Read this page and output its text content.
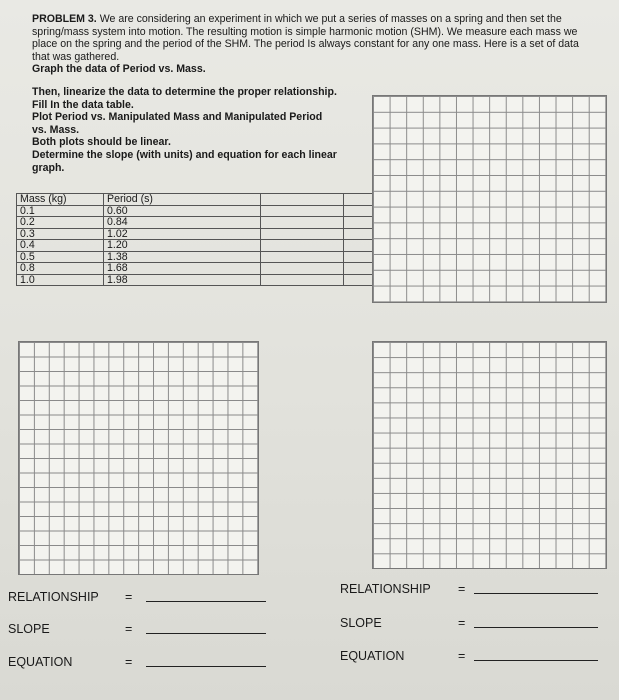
PROBLEM 3. We are considering an experiment in which we put a series of masses on a spring and then set the spring/mass system into motion. The resulting motion is simple harmonic motion (SHM). We measure each mass we place on the spring and the period of the SHM. The period Is always constant for any one mass. Here is a set of data that was gathered.

Graph the data of Period vs. Mass.

Then, linearize the data to determine the proper relationship.

Fill In the data table.

Plot Period vs. Manipulated Mass and Manipulated Period vs. Mass.

Both plots should be linear.

Determine the slope (with units) and equation for each linear graph.

Mass (kg)	Period (s)		
0.1	0.60		
0.2	0.84		
0.3	1.02		
0.4	1.20		
0.5	1.38		
0.8	1.68		
1.0	1.98		
RELATIONSHIP =
SLOPE	=
EQUATION	=
RELATIONSHIP =
SLOPE	=
EQUATION	=
